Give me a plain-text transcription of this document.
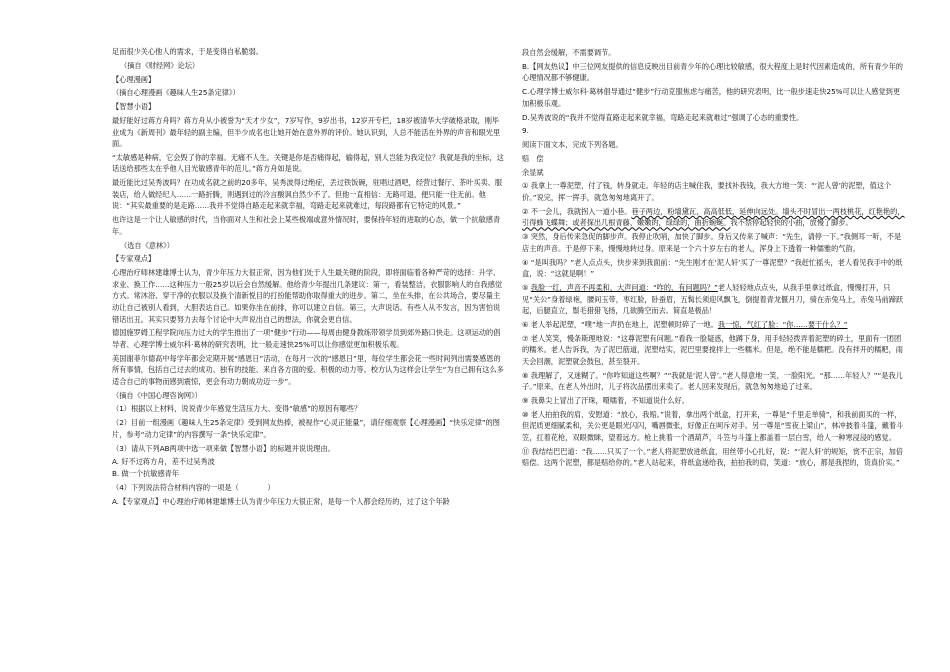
足而很少关心他人的需求，于是变得自私脆弱。

（摘自《财经网》论坛）

【心理漫画】

（摘自心理漫画《趣味人生25条定律》）

【智慧小语】

最好能好过蒋方舟吗？蒋方舟从小被誉为“天才少女”，7岁写作，9岁出书，12岁开专栏，18岁被清华大学破格录取，刚毕业成为《新周刊》最年轻的副主编，但半少成名也让她开始在意外界的评价。她认识到，人总不能活在外界的声音和眼光里面。

“太敏感是种病，它会毁了你的幸福。无痛不人生。关键是你是否痛得起，输得起，别人岂能为我定位？我就是我的坐标，这话送给那些太在乎他人目光敏感青年的范儿。”蒋方舟如是说。

最近能比过吴秀波吗？在功成名就之前的20多年，吴秀波得过绝症，丢过铁饭碗，驻唱过酒吧，经营过餐厅、茶叶买卖、服装店，给人做经纪人……一路折腾，则遇到过的冷言酸讽自然少不了。但他一直相信：无路可退，便只能一往无前。他说：“其实最重要的是走路……我并不觉得自路走起来就幸福，弯路走起来就难过，每段路都有它特定的风景。”

也许这是一个让人敏感的时代，当你面对人生和社会上某些极端或意外情况时，要保持年轻的进取的心态，做一个抗敏感青年。

（选自《意林》）

【专家观点】

心理治疗师林建雄博士认为，青少年压力大很正常，因为他们处于人生最关键的阶段，即将面临着各种严苛的选择：升学、求业、换工作……这种压力一般25岁以后会自然缓解。他给青少年提出几条建议：第一，看装整洁，衣服影响人的自我感觉方式。常沐浴、穿干净的衣服以及换个清新悦目的打扮能帮助你取得重大的进步。第二，坐在头排，在公共场合，要尽量主动让自己被别人看到，大胆表达自己。如果你坐在前排，你可以建立自信。第三，大声说话。有些人从不发言，因为害怕说错话出丑。其实只要努力去每个讨论中大声说出自己的想法，你就会更自信。

德国施罗姆工程学院向压力过大的学生推出了一项“健步”行动——每周由健身教练带领学员到郊外路口快走。这项运动的倡导者、心理学博士威尔科·葛林的研究表明，比一般走速快25%可以让你感觉更加积极乐观。

美国谢菲尔德高中每学年都会定期开展“感恩日”活动，在每月一次的“感恩日”里，每位学生都会花一些时间列出需要感恩的所有事情，包括自己过去的成功、独有的技能、来自各方面的爱、积极的动力等。校方认为这样会让学生“为自己拥有这么多适合自己的事物而感到震惊，更会有动力朝成功迈一步”。

（摘自《中国心理咨询网》）

（1）根据以上材料，说说青少年感觉生活压力大、变得“敏感”的原因有哪些？

（2）目前一组漫画《趣味人生25条定律》受到网友热捧，被视作“心灵正能量”，请仔细观察【心理漫画】“快乐定律”的图片，参考“动力定律”的内容撰写一条“快乐定律”。

（3）请从下列AB两项中选一项来做【智慧小语】的标题并说说理由。

A. 好不过蒋方舟，差不过吴秀波

B. 做一个抗敏感青年

（4）下列说法符合材料内容的一项是（　　　　）

A.【专家观点】中心理治疗师林建雄博士认为青少年压力大很正常，是每一个人都会经历的，过了这个年龄

段自然会缓解，不需要调节。

B.【网友热议】中三位网友提供的信息反映出目前青少年的心理比较敏感，很大程度上是时代因素造成的，所有青少年的心理情况都不够健康。

C.心理学博士威尔科·葛林倡导通过“健步”行动克服焦虑与痛苦，他的研究表明，比一般步速走快25%可以让人感觉到更加积极乐观。

D.吴秀波说的“我并不觉得直路走起来就幸福，弯路走起来就难过”强调了心态的重要性。

9.

阅读下面文本，完成下列各题。

赔　偿

余显斌

① 我拿上一尊泥塑，付了钱，转身就走。年轻的店主喊住我，要找补我钱，我大方地一笑：“‘泥人曾’的泥塑，值这个价。”说完，挥一挥手，就急匆匆地离开了。

② 不一会儿，我就拐入一道小巷。巷子两边，粉墙黛瓦，高高低低，延伸向远处。墙头不时冒出一两枝桃花，红艳艳的，引得蜂飞蝶舞；或者探出几根青藤，嫩嫩的，绿绿的，曲折蜿蜒。我不禁停起轻快的小曲，放慢了脚步。

③ 突然，身后传来急促的脚步声。我停止吹哨，加快了脚步。身后又传来了喊声：“先生，请停一下。”我侧耳一听，不是店主的声音。于是停下来，慢慢地转过身。原来是一个六十岁左右的老人，浑身上下透着一种儒雅的气韵。

④ “是叫我吗？”老人点点头，快步来到我面前：“先生刚才在‘泥人轩’买了一尊泥塑？”我赶忙摇头，老人看见我手中的纸盒，说：“这就是啊！”

⑤ 我脸一红，声音不再柔和，大声问道：“咋的，有问题吗？”老人轻轻地点点头，从我手里拿过纸盒，慢慢打开，只见“关公”身着绿袍，腰间玉带，枣红脸，卧蚕眉，五髯长须迎风飘飞，倒提着青龙偃月刀，骑在赤兔马上，赤兔马前蹄跃起，后腿直立，鬃毛猎猎飞扬，几欲腾空而去。简直是极品！

⑥ 老人举起泥塑，“噗”地一声扔在地上，泥塑顿时碎了一地。我一惊，气红了脸：“你……要干什么？”

⑦ 老人笑笑，慢条斯理地说：“这尊泥塑有问题。”看我一脸疑惑，他蹲下身，用手轻轻拨弄着泥塑的碎土，里面有一团团的糯米。老人告诉我，为了泥巴筋道，泥塑结实，泥巴里要搅拌上一些糯米。但是，绝不能是糯粑。没有拌开的糯粑，雨天会回潮，泥塑就会鼓包，甚至裂开。

⑧ 我理解了，又迷糊了。“你咋知道这些啊？”“我就是‘泥人曾’。”老人得意地一笑，一脸阳光。“那……年轻人？”“是我儿子。”原来，在老人外出时，儿子将次品摆出来卖了。老人回来发现后，就急匆匆地追了过来。

⑨ 我鼻尖上冒出了汗珠，嗫嚅着，不知道说什么好。

⑩ 老人拍拍我的肩，安慰道：“放心，我赔。”说着，拿出两个纸盒，打开来，一尊是“千里走单骑”，和我前面买的一样，但泥质更细腻柔和，关公更是眼光闪闪，嘴唇微张，好像正在呵斥对手。另一尊是“雪夜上梁山”，林冲披着斗篷，戴着斗笠，扛着花枪，双眼微眯，望着远方。枪上挑着一个酒葫芦，斗笠与斗篷上都盖着一层白雪，给人一种寒浸浸的感觉。

⑪ 我结结巴巴道：“我……只买了一个。”老人将泥塑放进纸盒，用丝带小心扎好，说：“‘泥人轩’的规矩，赏不正宗，加倍赔偿。这两个泥塑，都是赔给你的。”老人站起来，将纸盒递给我，拍拍我的肩，笑道：“放心，都是我捏的，货真价实。”
